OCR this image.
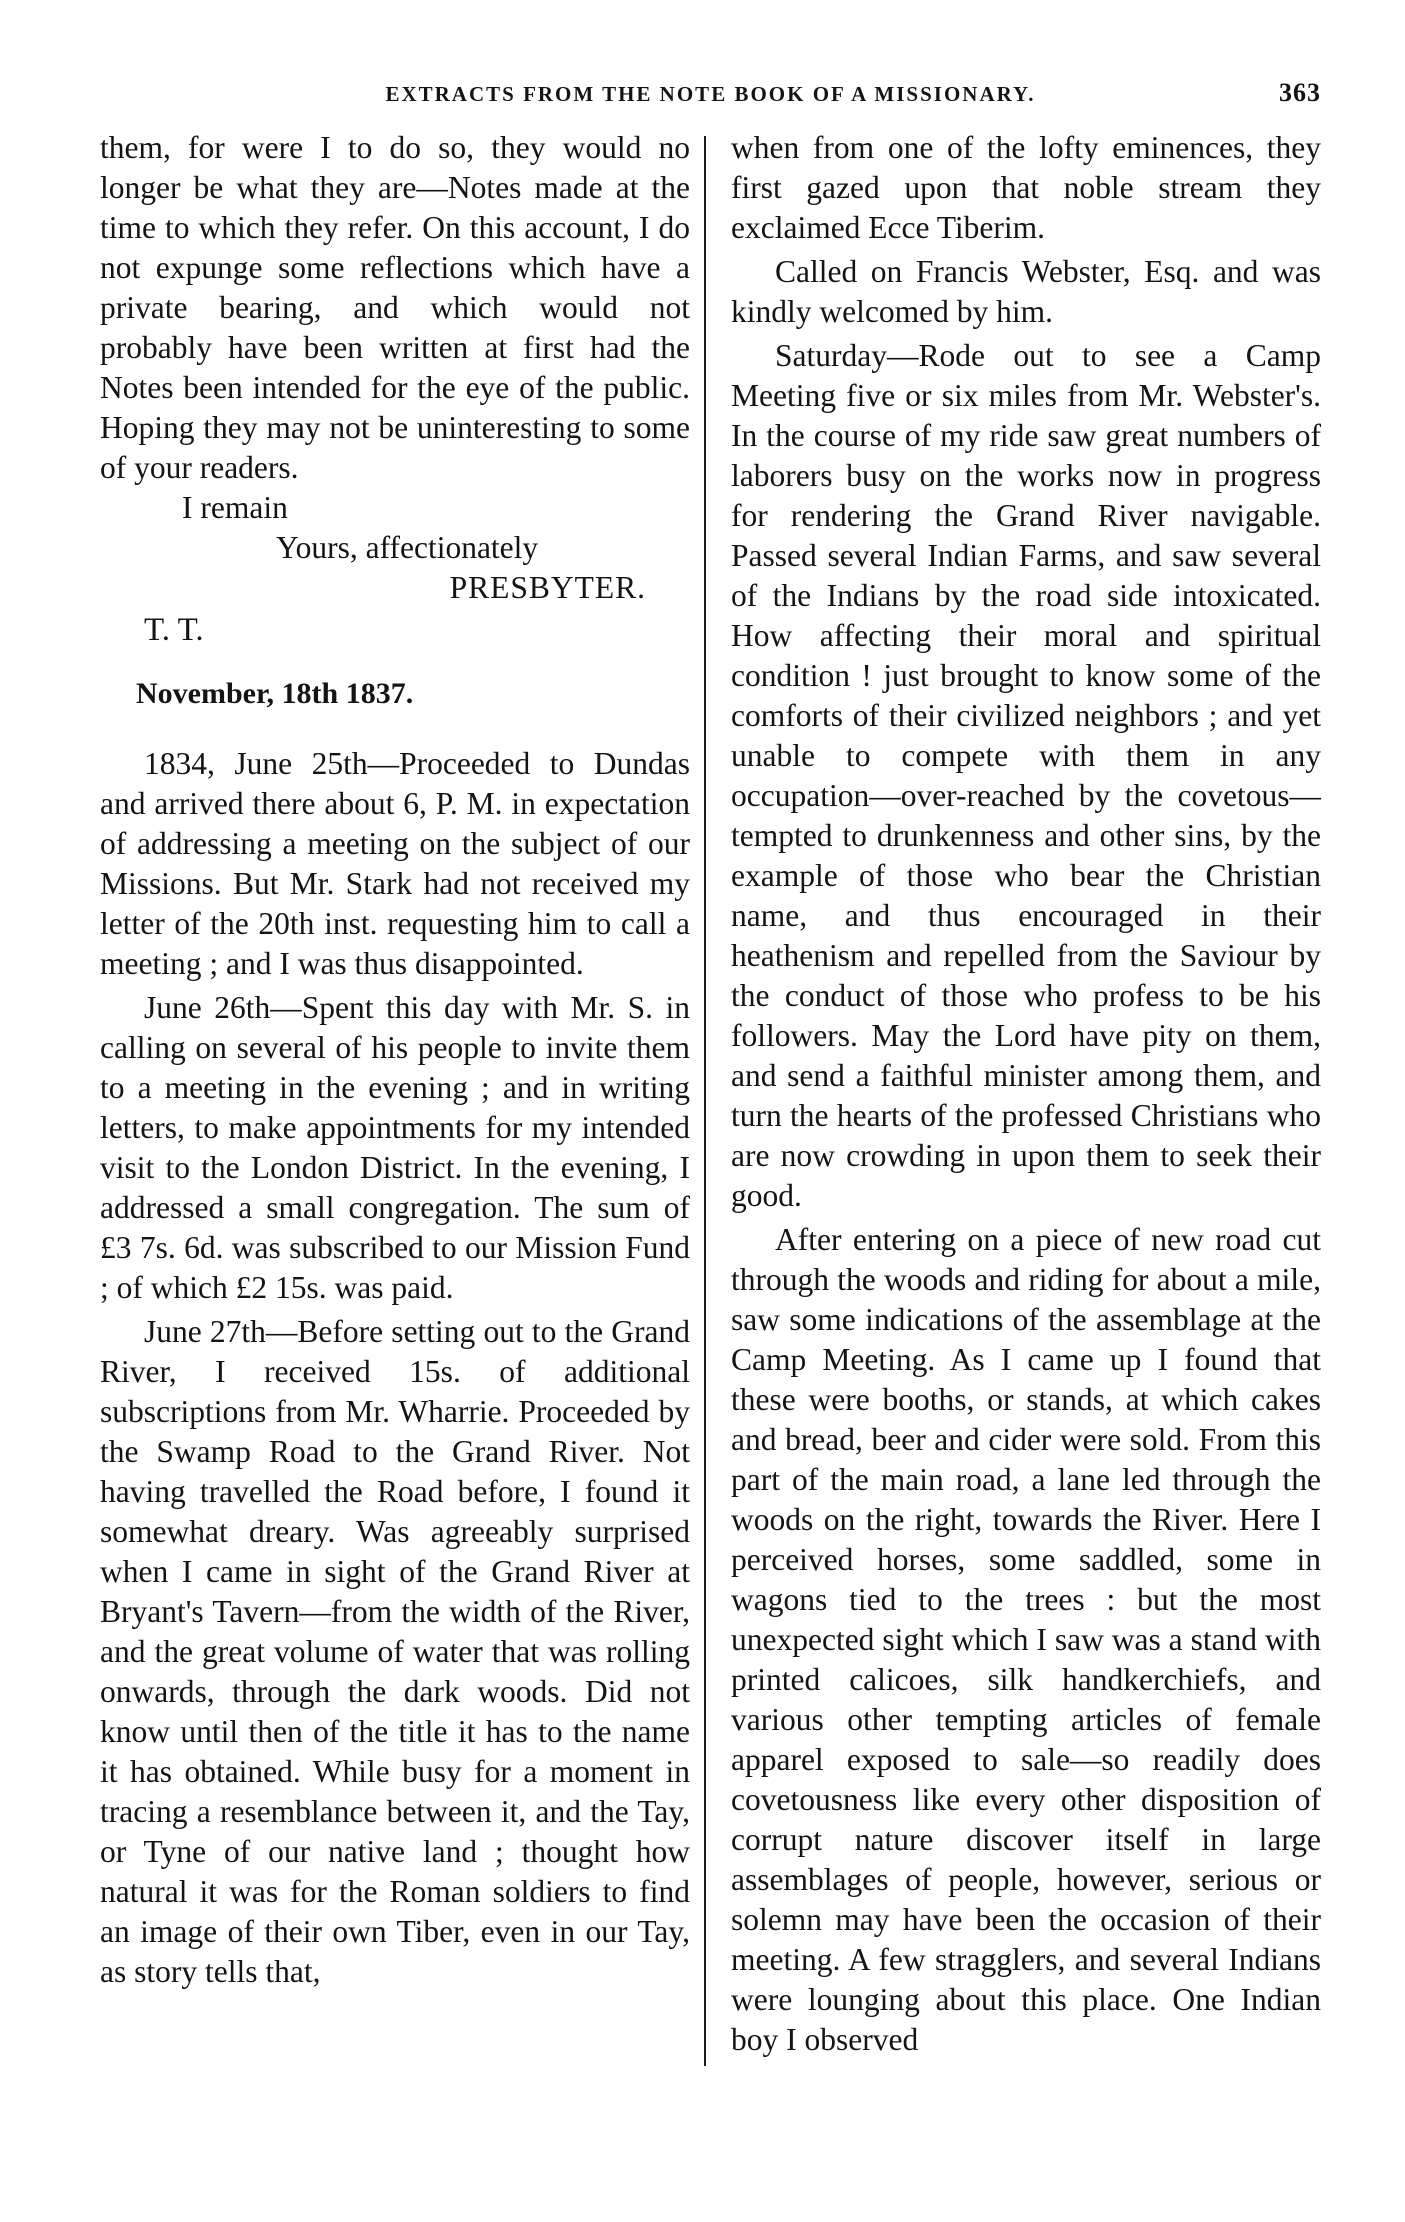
EXTRACTS FROM THE NOTE BOOK OF A MISSIONARY.	363

them, for were I to do so, they would no longer be what they are—Notes made at the time to which they refer. On this account, I do not expunge some reflections which have a private bearing, and which would not probably have been written at first had the Notes been intended for the eye of the public. Hoping they may not be uninteresting to some of your readers.

I remain
Yours, affectionately
PRESBYTER.
T. T.
November, 18th 1837.

1834, June 25th—Proceeded to Dundas and arrived there about 6, P. M. in expectation of addressing a meeting on the subject of our Missions. But Mr. Stark had not received my letter of the 20th inst. requesting him to call a meeting ; and I was thus disappointed.

June 26th—Spent this day with Mr. S. in calling on several of his people to invite them to a meeting in the evening ; and in writing letters, to make appointments for my intended visit to the London District. In the evening, I addressed a small congregation. The sum of £3 7s. 6d. was subscribed to our Mission Fund ; of which £2 15s. was paid.

June 27th—Before setting out to the Grand River, I received 15s. of additional subscriptions from Mr. Wharrie. Proceeded by the Swamp Road to the Grand River. Not having travelled the Road before, I found it somewhat dreary. Was agreeably surprised when I came in sight of the Grand River at Bryant's Tavern—from the width of the River, and the great volume of water that was rolling onwards, through the dark woods. Did not know until then of the title it has to the name it has obtained. While busy for a moment in tracing a resemblance between it, and the Tay, or Tyne of our native land ; thought how natural it was for the Roman soldiers to find an image of their own Tiber, even in our Tay, as story tells that,

when from one of the lofty eminences, they first gazed upon that noble stream they exclaimed Ecce Tiberim.

Called on Francis Webster, Esq. and was kindly welcomed by him.

Saturday—Rode out to see a Camp Meeting five or six miles from Mr. Webster's. In the course of my ride saw great numbers of laborers busy on the works now in progress for rendering the Grand River navigable. Passed several Indian Farms, and saw several of the Indians by the road side intoxicated. How affecting their moral and spiritual condition ! just brought to know some of the comforts of their civilized neighbors ; and yet unable to compete with them in any occupation—over-reached by the covetous—tempted to drunkenness and other sins, by the example of those who bear the Christian name, and thus encouraged in their heathenism and repelled from the Saviour by the conduct of those who profess to be his followers. May the Lord have pity on them, and send a faithful minister among them, and turn the hearts of the professed Christians who are now crowding in upon them to seek their good.

After entering on a piece of new road cut through the woods and riding for about a mile, saw some indications of the assemblage at the Camp Meeting. As I came up I found that these were booths, or stands, at which cakes and bread, beer and cider were sold. From this part of the main road, a lane led through the woods on the right, towards the River. Here I perceived horses, some saddled, some in wagons tied to the trees : but the most unexpected sight which I saw was a stand with printed calicoes, silk handkerchiefs, and various other tempting articles of female apparel exposed to sale—so readily does covetousness like every other disposition of corrupt nature discover itself in large assemblages of people, however, serious or solemn may have been the occasion of their meeting. A few stragglers, and several Indians were lounging about this place. One Indian boy I observed
